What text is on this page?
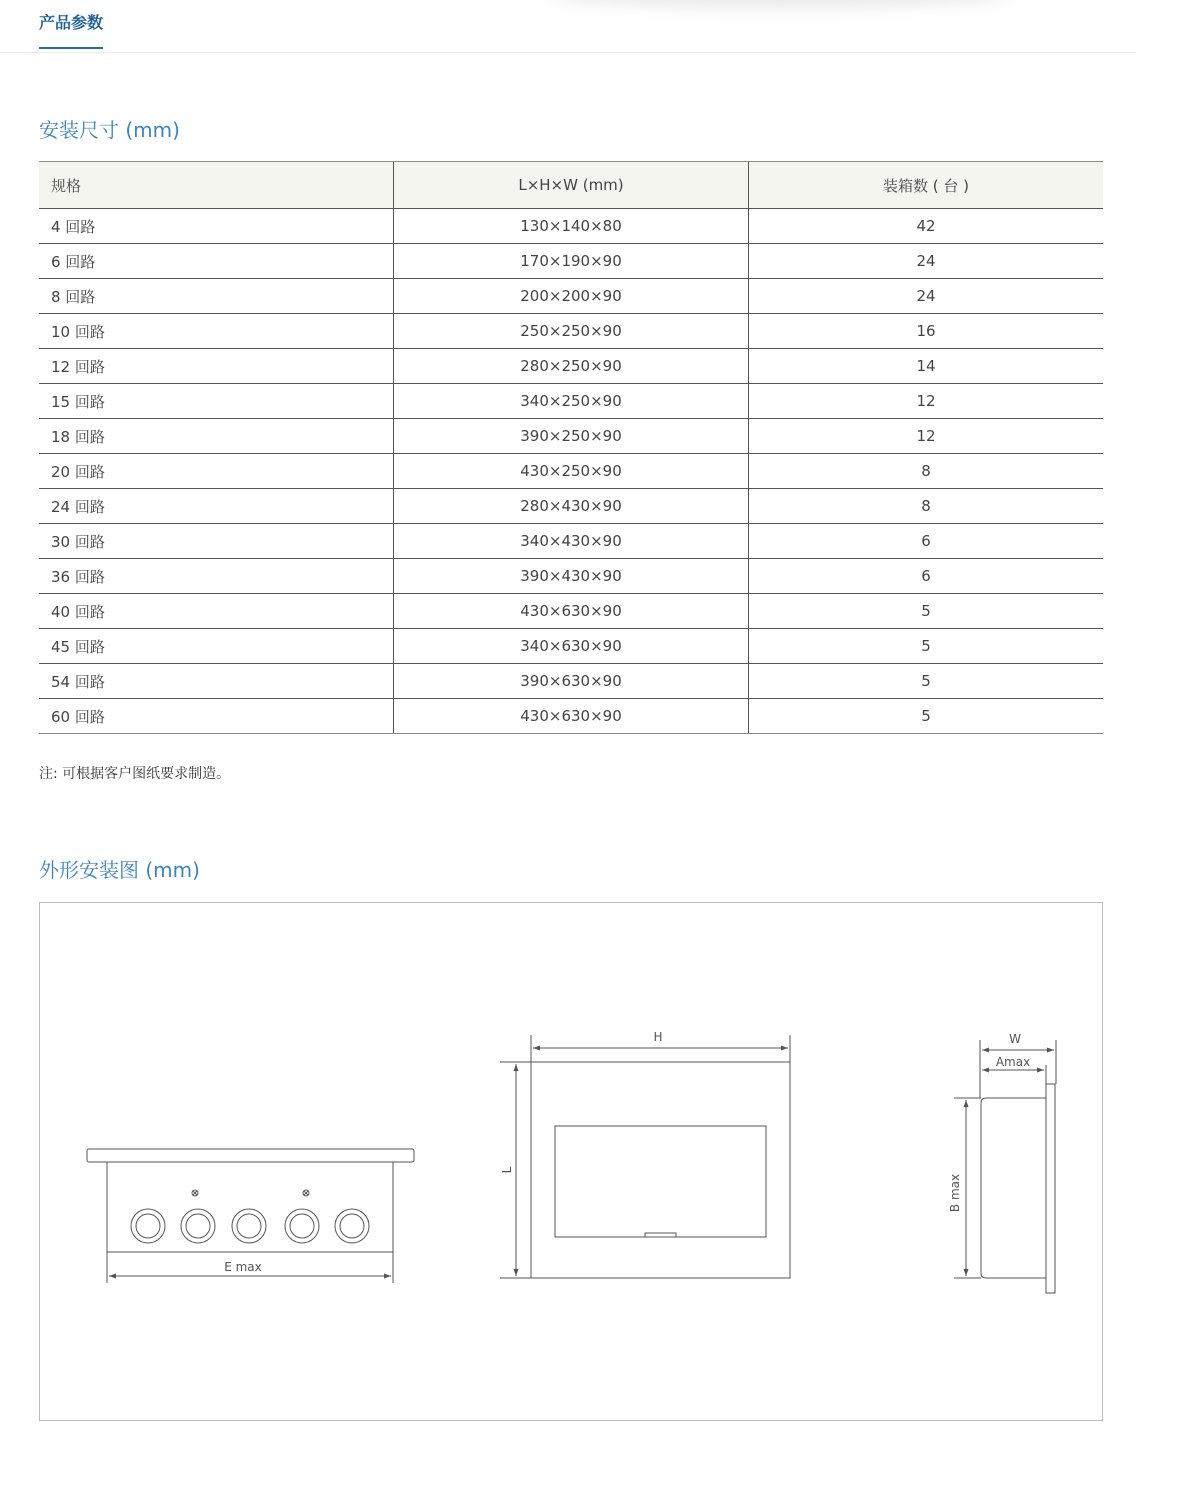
产品参数
安装尺寸 (mm)
规格	L×H×W (mm)	装箱数 ( 台 )
4 回路	130×140×80	42
6 回路	170×190×90	24
8 回路	200×200×90	24
10 回路	250×250×90	16
12 回路	280×250×90	14
15 回路	340×250×90	12
18 回路	390×250×90	12
20 回路	430×250×90	8
24 回路	280×430×90	8
30 回路	340×430×90	6
36 回路	390×430×90	6
40 回路	430×630×90	5
45 回路	340×630×90	5
54 回路	390×630×90	5
60 回路	430×630×90	5
注: 可根据客户图纸要求制造。
外形安装图 (mm)
E max
H
L
W
Amax
B max
